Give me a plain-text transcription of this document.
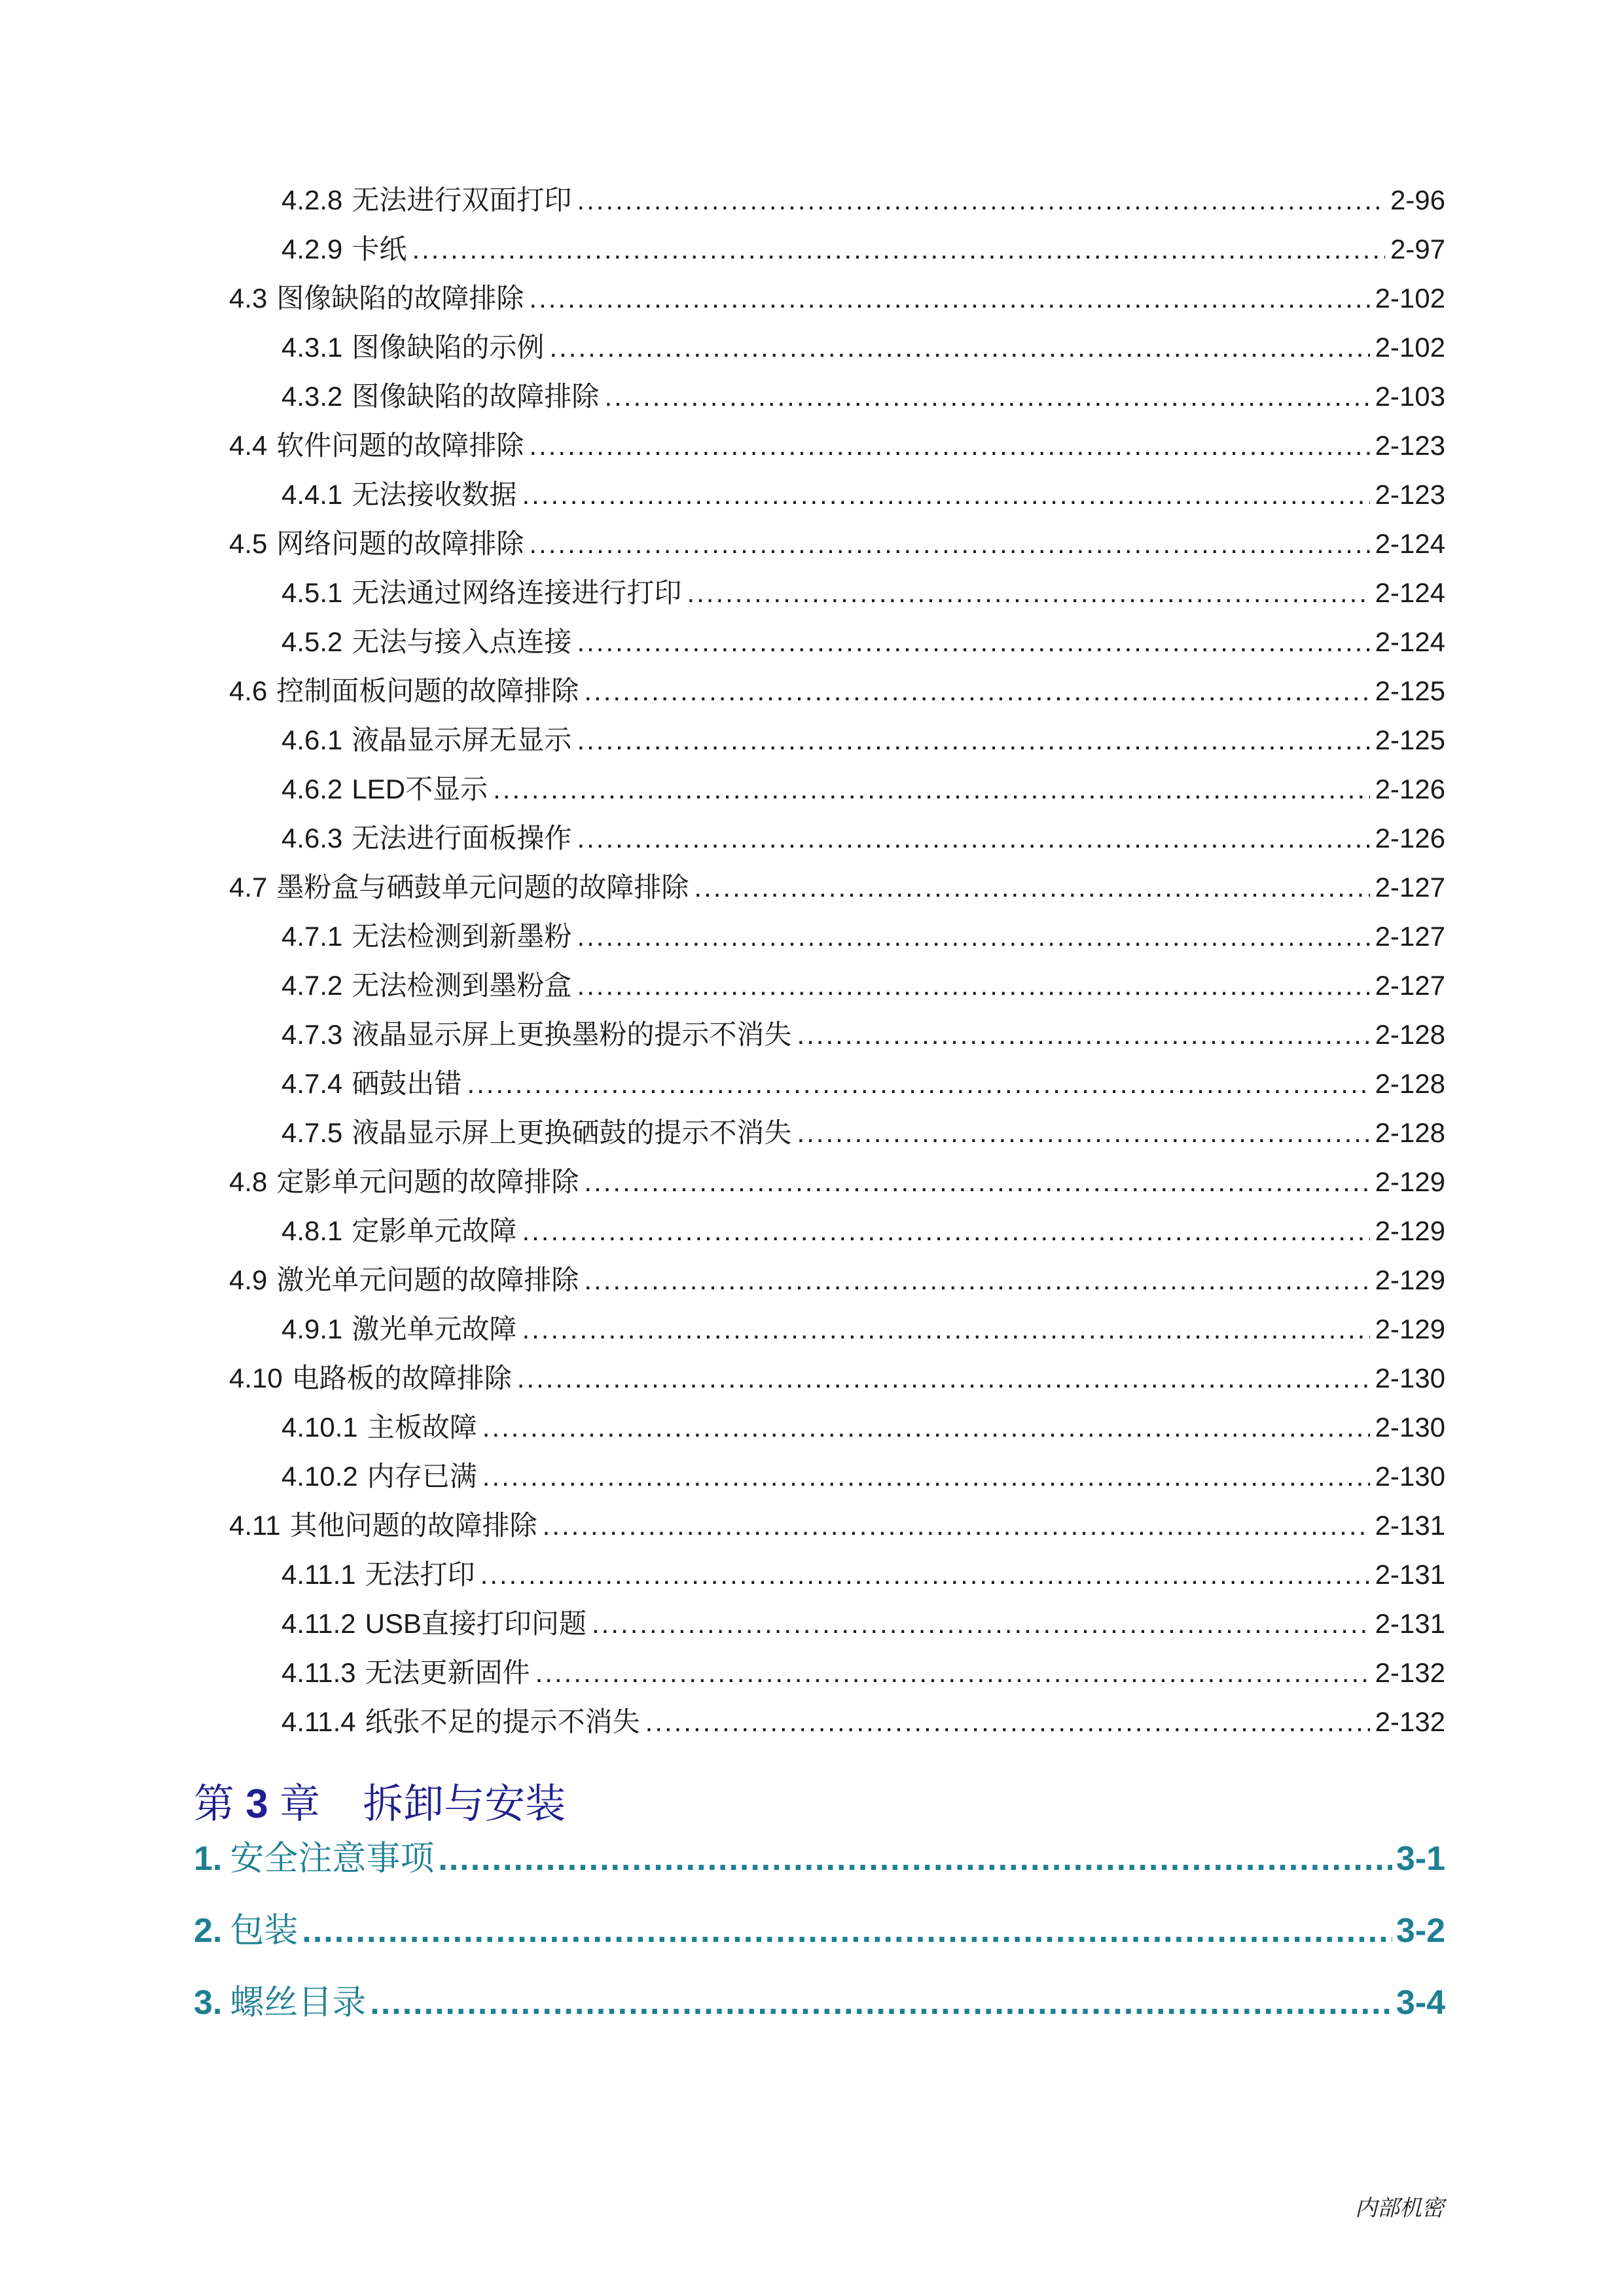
4.2.8 无法进行双面打印 .....	2-96
4.2.9 卡纸 .....	2-97
4.3 图像缺陷的故障排除 .....	2-102
4.3.1 图像缺陷的示例 .....	2-102
4.3.2 图像缺陷的故障排除 .....	2-103
4.4 软件问题的故障排除 .....	2-123
4.4.1 无法接收数据 .....	2-123
4.5 网络问题的故障排除 .....	2-124
4.5.1 无法通过网络连接进行打印 .....	2-124
4.5.2 无法与接入点连接 .....	2-124
4.6 控制面板问题的故障排除 .....	2-125
4.6.1 液晶显示屏无显示 .....	2-125
4.6.2 LED不显示 .....	2-126
4.6.3 无法进行面板操作 .....	2-126
4.7 墨粉盒与硒鼓单元问题的故障排除 .....	2-127
4.7.1 无法检测到新墨粉 .....	2-127
4.7.2 无法检测到墨粉盒 .....	2-127
4.7.3 液晶显示屏上更换墨粉的提示不消失 .....	2-128
4.7.4 硒鼓出错 .....	2-128
4.7.5 液晶显示屏上更换硒鼓的提示不消失 .....	2-128
4.8 定影单元问题的故障排除 .....	2-129
4.8.1 定影单元故障 .....	2-129
4.9 激光单元问题的故障排除 .....	2-129
4.9.1 激光单元故障 .....	2-129
4.10 电路板的故障排除 .....	2-130
4.10.1 主板故障 .....	2-130
4.10.2 内存已满 .....	2-130
4.11 其他问题的故障排除 .....	2-131
4.11.1 无法打印 .....	2-131
4.11.2 USB直接打印问题 .....	2-131
4.11.3 无法更新固件 .....	2-132
4.11.4 纸张不足的提示不消失 .....	2-132
第 3 章 拆卸与安装
1. 安全注意事项 .....	3-1
2. 包装 .....	3-2
3. 螺丝目录 .....	3-4
内部机密
